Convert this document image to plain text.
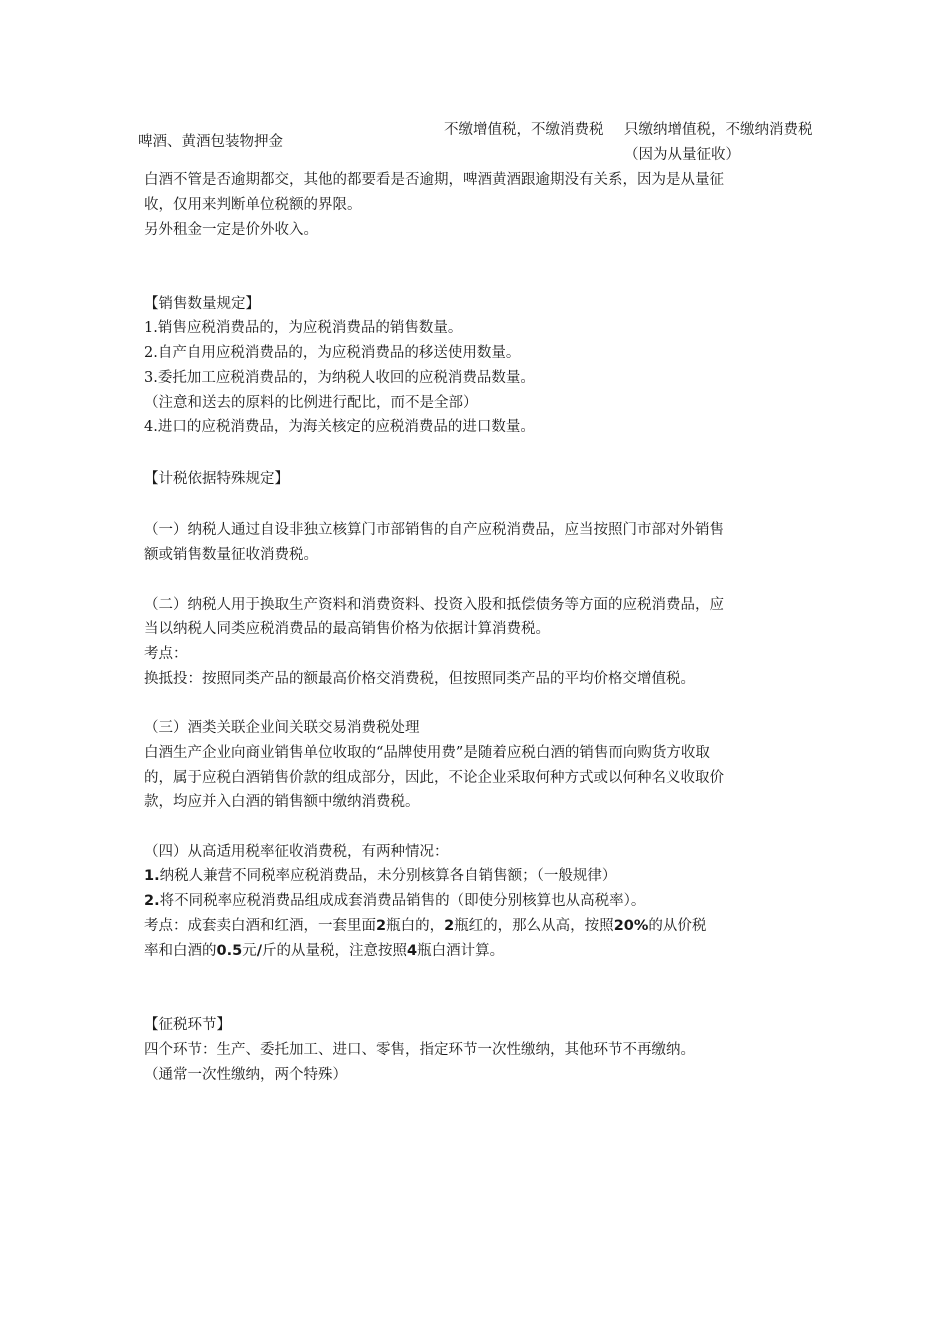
啤酒、黄酒包装物押金
不缴增值税，不缴消费税	只缴纳增值税，不缴纳消费税（因为从量征收）
白酒不管是否逾期都交，其他的都要看是否逾期，啤酒黄酒跟逾期没有关系，因为是从量征
收，仅用来判断单位税额的界限。
另外租金一定是价外收入。
【销售数量规定】
1.销售应税消费品的，为应税消费品的销售数量。
2.自产自用应税消费品的，为应税消费品的移送使用数量。
3.委托加工应税消费品的，为纳税人收回的应税消费品数量。
（注意和送去的原料的比例进行配比，而不是全部）
4.进口的应税消费品，为海关核定的应税消费品的进口数量。
【计税依据特殊规定】
（一）纳税人通过自设非独立核算门市部销售的自产应税消费品，应当按照门市部对外销售
额或销售数量征收消费税。
（二）纳税人用于换取生产资料和消费资料、投资入股和抵偿债务等方面的应税消费品，应
当以纳税人同类应税消费品的最高销售价格为依据计算消费税。
考点：
换抵投：按照同类产品的额最高价格交消费税，但按照同类产品的平均价格交增值税。
（三）酒类关联企业间关联交易消费税处理
白酒生产企业向商业销售单位收取的“品牌使用费”是随着应税白酒的销售而向购货方收取
的，属于应税白酒销售价款的组成部分，因此，不论企业采取何种方式或以何种名义收取价
款，均应并入白酒的销售额中缴纳消费税。
（四）从高适用税率征收消费税，有两种情况：
1.纳税人兼营不同税率应税消费品，未分别核算各自销售额；（一般规律）
2.将不同税率应税消费品组成成套消费品销售的（即使分别核算也从高税率）。
考点：成套卖白酒和红酒，一套里面2瓶白的，2瓶红的，那么从高，按照20%的从价税
率和白酒的0.5元/斤的从量税，注意按照4瓶白酒计算。
【征税环节】
四个环节：生产、委托加工、进口、零售，指定环节一次性缴纳，其他环节不再缴纳。
（通常一次性缴纳，两个特殊）
